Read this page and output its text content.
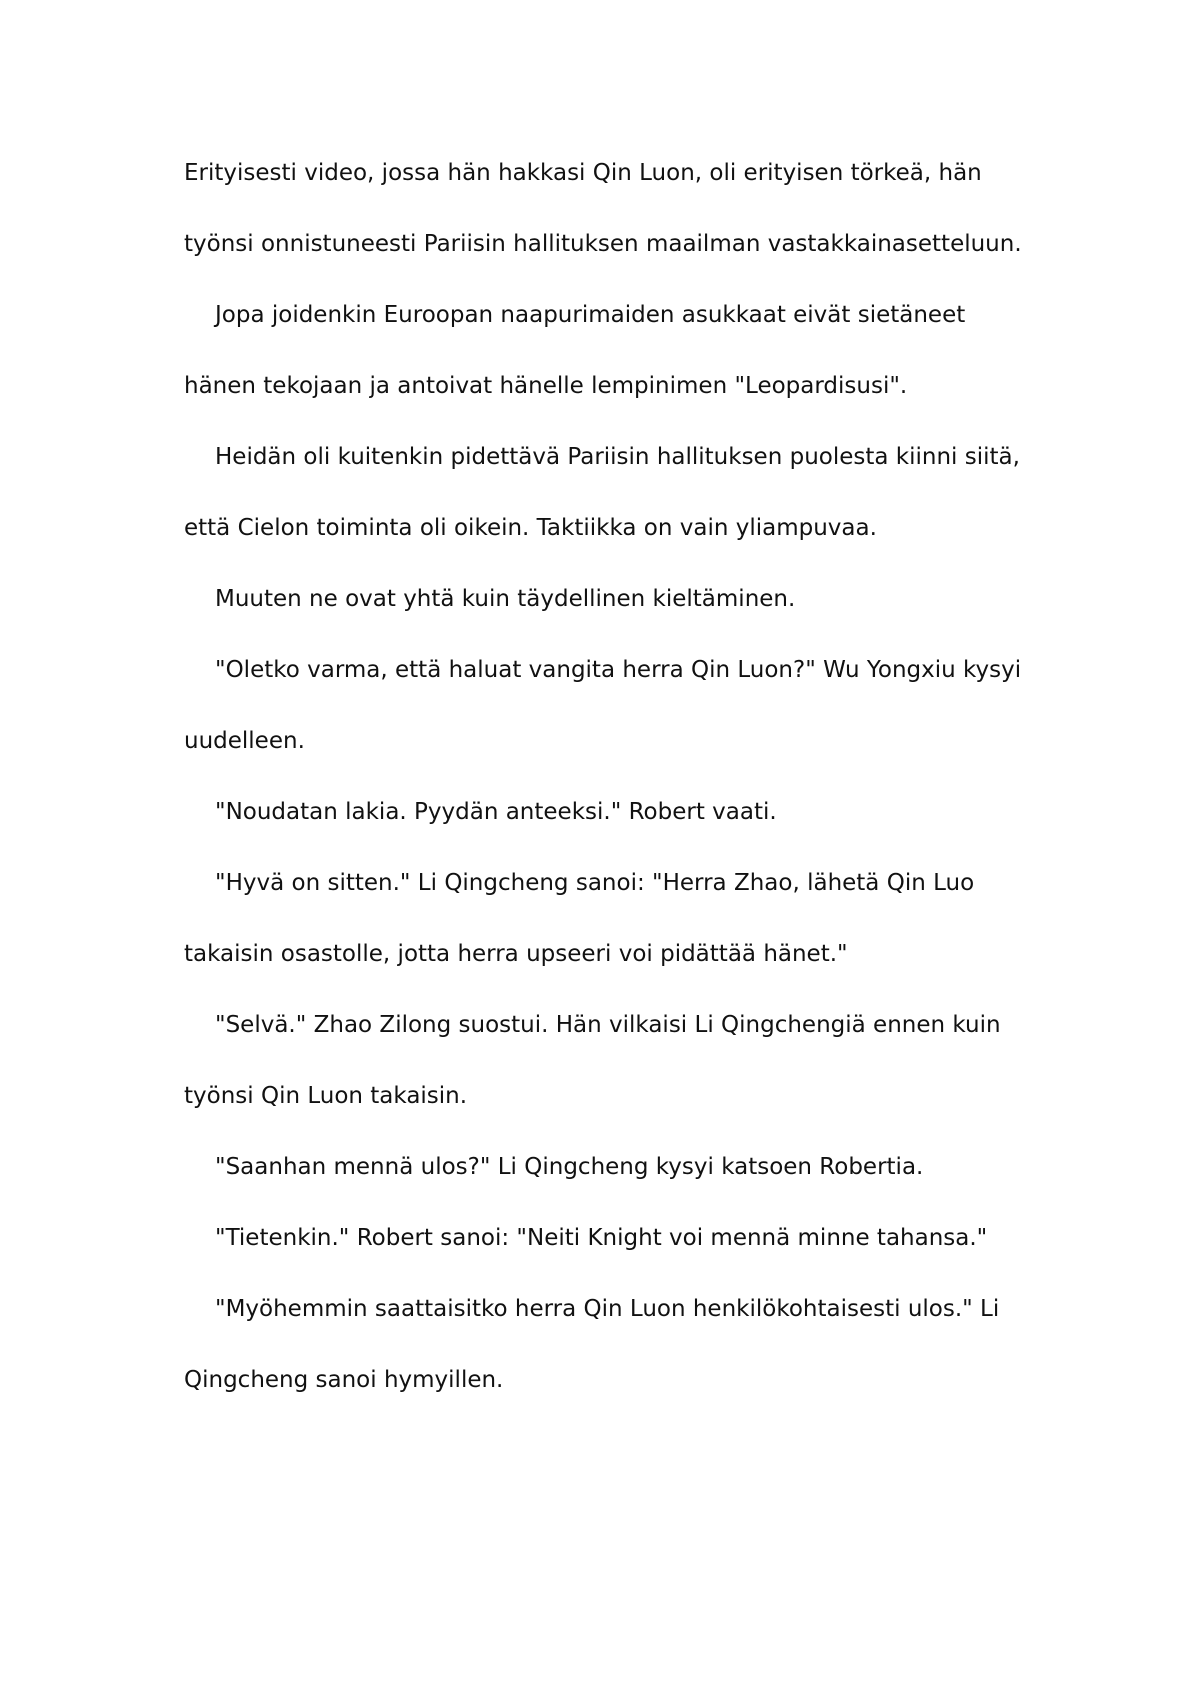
Erityisesti video, jossa hän hakkasi Qin Luon, oli erityisen törkeä, hän työnsi onnistuneesti Pariisin hallituksen maailman vastakkainasetteluun.

Jopa joidenkin Euroopan naapurimaiden asukkaat eivät sietäneet hänen tekojaan ja antoivat hänelle lempinimen "Leopardisusi".

Heidän oli kuitenkin pidettävä Pariisin hallituksen puolesta kiinni siitä, että Cielon toiminta oli oikein. Taktiikka on vain yliampuvaa.

Muuten ne ovat yhtä kuin täydellinen kieltäminen.

"Oletko varma, että haluat vangita herra Qin Luon?" Wu Yongxiu kysyi uudelleen.

"Noudatan lakia. Pyydän anteeksi." Robert vaati.

"Hyvä on sitten." Li Qingcheng sanoi: "Herra Zhao, lähetä Qin Luo takaisin osastolle, jotta herra upseeri voi pidättää hänet."

"Selvä." Zhao Zilong suostui. Hän vilkaisi Li Qingchengiä ennen kuin työnsi Qin Luon takaisin.

"Saanhan mennä ulos?" Li Qingcheng kysyi katsoen Robertia.

"Tietenkin." Robert sanoi: "Neiti Knight voi mennä minne tahansa."

"Myöhemmin saattaisitko herra Qin Luon henkilökohtaisesti ulos." Li Qingcheng sanoi hymyillen.
